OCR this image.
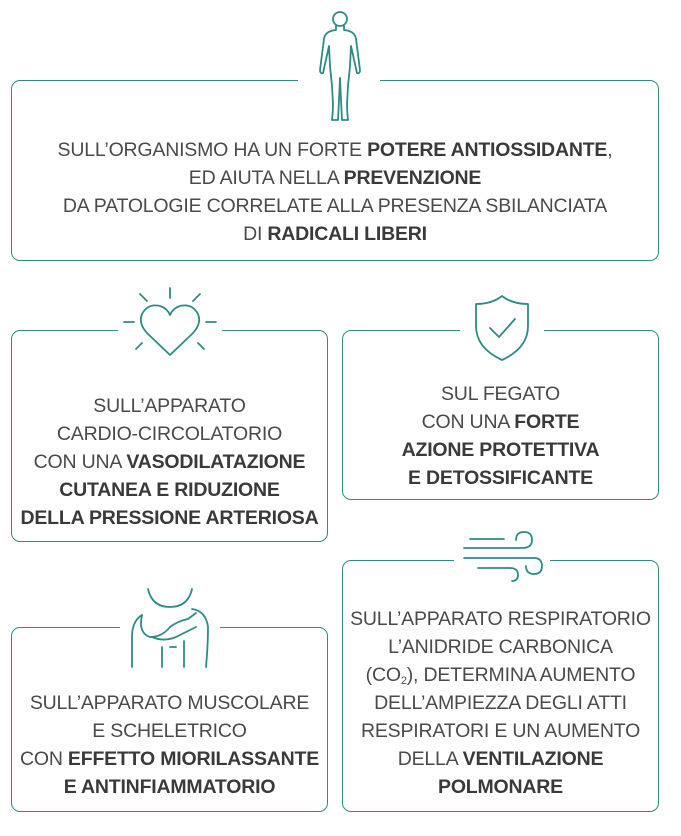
SULL’ORGANISMO HA UN FORTE POTERE ANTIOSSIDANTE,
ED AIUTA NELLA PREVENZIONE
DA PATOLOGIE CORRELATE ALLA PRESENZA SBILANCIATA
DI RADICALI LIBERI
SULL’APPARATO
CARDIO-CIRCOLATORIO
CON UNA VASODILATAZIONE
CUTANEA E RIDUZIONE
DELLA PRESSIONE ARTERIOSA
SUL FEGATO
CON UNA FORTE
AZIONE PROTETTIVA
E DETOSSIFICANTE
SULL’APPARATO MUSCOLARE
E SCHELETRICO
CON EFFETTO MIORILASSANTE
E ANTINFIAMMATORIO
SULL’APPARATO RESPIRATORIO
L’ANIDRIDE CARBONICA
$(CO_2)$, DETERMINA AUMENTO
DELL’AMPIEZZA DEGLI ATTI
RESPIRATORI E UN AUMENTO
DELLA VENTILAZIONE
POLMONARE
